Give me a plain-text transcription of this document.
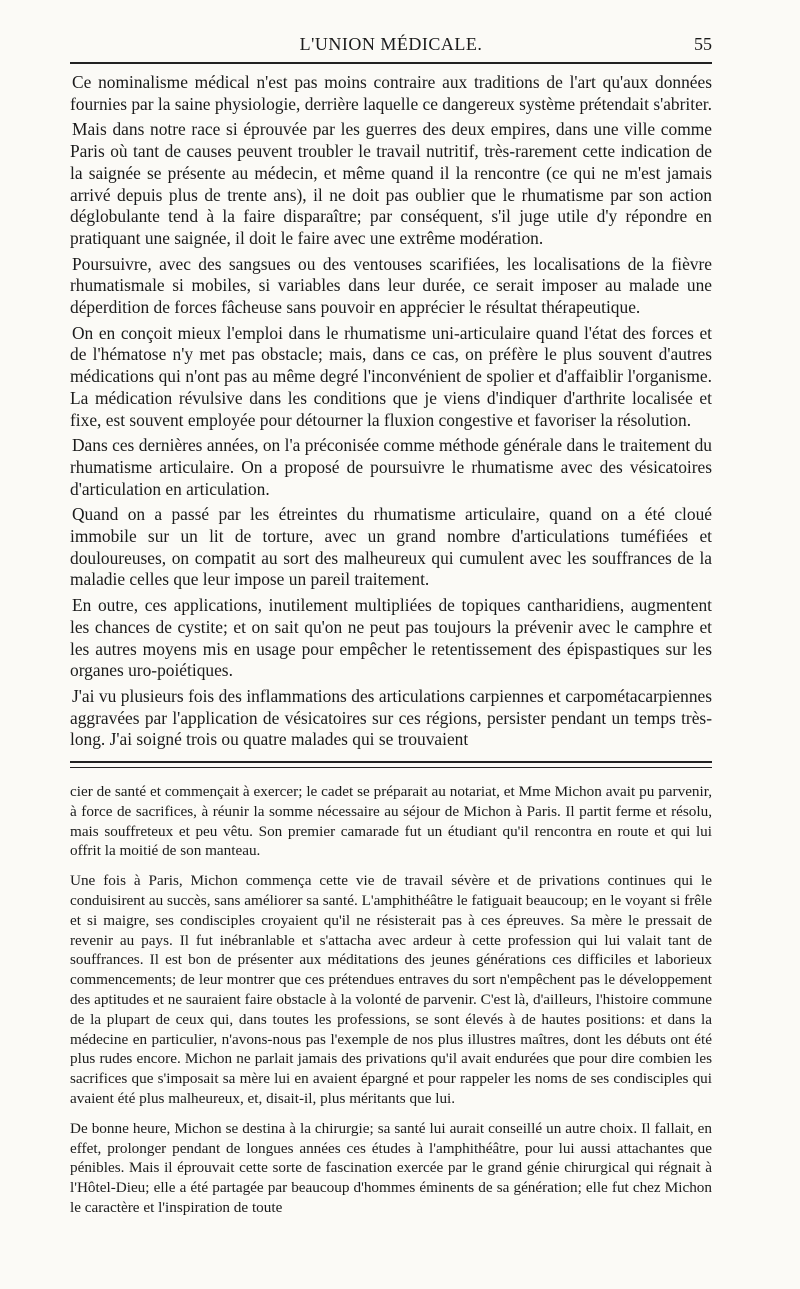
L'UNION MÉDICALE.	55

Ce nominalisme médical n'est pas moins contraire aux traditions de l'art qu'aux données fournies par la saine physiologie, derrière laquelle ce dangereux système prétendait s'abriter.

Mais dans notre race si éprouvée par les guerres des deux empires, dans une ville comme Paris où tant de causes peuvent troubler le travail nutritif, très-rarement cette indication de la saignée se présente au médecin, et même quand il la rencontre (ce qui ne m'est jamais arrivé depuis plus de trente ans), il ne doit pas oublier que le rhumatisme par son action déglobulante tend à la faire disparaître; par conséquent, s'il juge utile d'y répondre en pratiquant une saignée, il doit le faire avec une extrême modération.

Poursuivre, avec des sangsues ou des ventouses scarifiées, les localisations de la fièvre rhumatismale si mobiles, si variables dans leur durée, ce serait imposer au malade une déperdition de forces fâcheuse sans pouvoir en apprécier le résultat thérapeutique.

On en conçoit mieux l'emploi dans le rhumatisme uni-articulaire quand l'état des forces et de l'hématose n'y met pas obstacle; mais, dans ce cas, on préfère le plus souvent d'autres médications qui n'ont pas au même degré l'inconvénient de spolier et d'affaiblir l'organisme. La médication révulsive dans les conditions que je viens d'indiquer d'arthrite localisée et fixe, est souvent employée pour détourner la fluxion congestive et favoriser la résolution.

Dans ces dernières années, on l'a préconisée comme méthode générale dans le traitement du rhumatisme articulaire. On a proposé de poursuivre le rhumatisme avec des vésicatoires d'articulation en articulation.

Quand on a passé par les étreintes du rhumatisme articulaire, quand on a été cloué immobile sur un lit de torture, avec un grand nombre d'articulations tuméfiées et douloureuses, on compatit au sort des malheureux qui cumulent avec les souffrances de la maladie celles que leur impose un pareil traitement.

En outre, ces applications, inutilement multipliées de topiques cantharidiens, augmentent les chances de cystite; et on sait qu'on ne peut pas toujours la prévenir avec le camphre et les autres moyens mis en usage pour empêcher le retentissement des épispastiques sur les organes uro-poiétiques.

J'ai vu plusieurs fois des inflammations des articulations carpiennes et carpométacarpiennes aggravées par l'application de vésicatoires sur ces régions, persister pendant un temps très-long. J'ai soigné trois ou quatre malades qui se trouvaient

cier de santé et commençait à exercer; le cadet se préparait au notariat, et Mme Michon avait pu parvenir, à force de sacrifices, à réunir la somme nécessaire au séjour de Michon à Paris. Il partit ferme et résolu, mais souffreteux et peu vêtu. Son premier camarade fut un étudiant qu'il rencontra en route et qui lui offrit la moitié de son manteau.

Une fois à Paris, Michon commença cette vie de travail sévère et de privations continues qui le conduisirent au succès, sans améliorer sa santé. L'amphithéâtre le fatiguait beaucoup; en le voyant si frêle et si maigre, ses condisciples croyaient qu'il ne résisterait pas à ces épreuves. Sa mère le pressait de revenir au pays. Il fut inébranlable et s'attacha avec ardeur à cette profession qui lui valait tant de souffrances. Il est bon de présenter aux méditations des jeunes générations ces difficiles et laborieux commencements; de leur montrer que ces prétendues entraves du sort n'empêchent pas le développement des aptitudes et ne sauraient faire obstacle à la volonté de parvenir. C'est là, d'ailleurs, l'histoire commune de la plupart de ceux qui, dans toutes les professions, se sont élevés à de hautes positions: et dans la médecine en particulier, n'avons-nous pas l'exemple de nos plus illustres maîtres, dont les débuts ont été plus rudes encore. Michon ne parlait jamais des privations qu'il avait endurées que pour dire combien les sacrifices que s'imposait sa mère lui en avaient épargné et pour rappeler les noms de ses condisciples qui avaient été plus malheureux, et, disait-il, plus méritants que lui.

De bonne heure, Michon se destina à la chirurgie; sa santé lui aurait conseillé un autre choix. Il fallait, en effet, prolonger pendant de longues années ces études à l'amphithéâtre, pour lui aussi attachantes que pénibles. Mais il éprouvait cette sorte de fascination exercée par le grand génie chirurgical qui régnait à l'Hôtel-Dieu; elle a été partagée par beaucoup d'hommes éminents de sa génération; elle fut chez Michon le caractère et l'inspiration de toute
